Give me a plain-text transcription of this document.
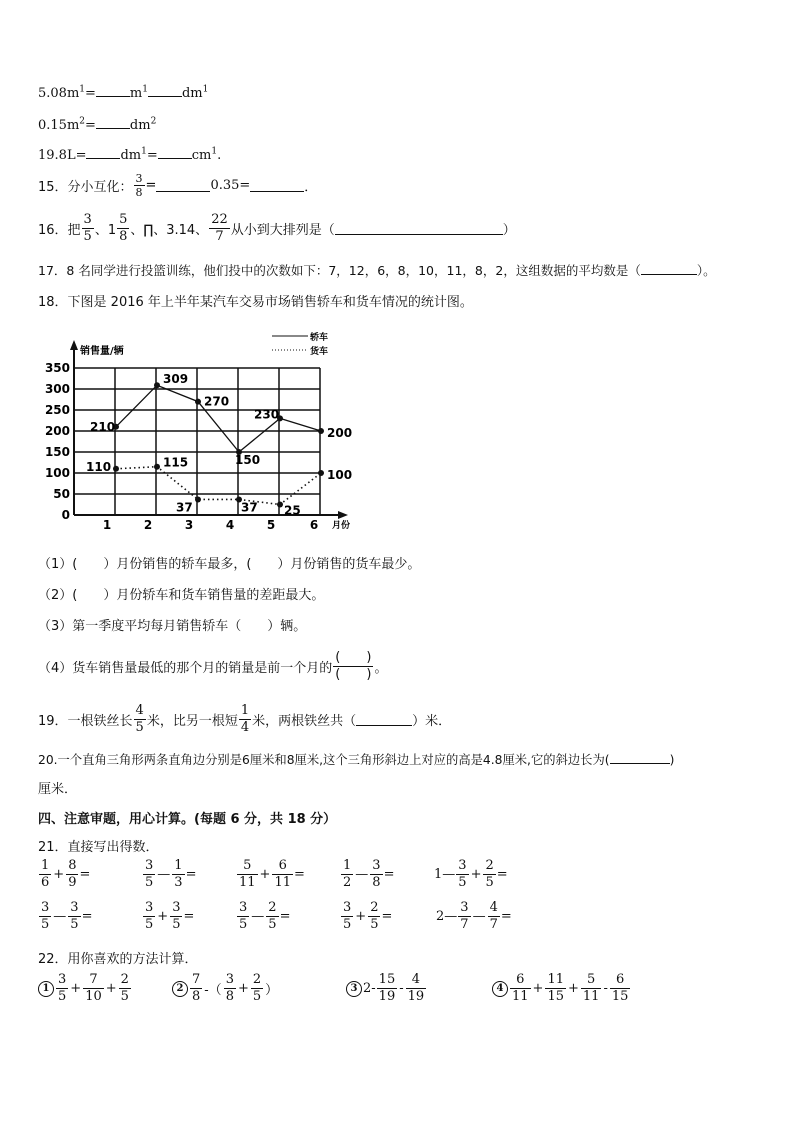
$5.08m^1=$	$m^1$	$dm^1$
$0.15m^2=$	$dm^2$
19.8L=	$dm^1=$	$cm^1$.
15．分小互化： $\frac{3}{8}$ =	0.35=	．
16．把 $\frac{3}{5}$ 、$1 \frac{5}{8}$ 、∏、3.14、 $\frac{22}{7}$ 从小到大排列是（	）
17．8 名同学进行投篮训练，他们投中的次数如下：7，12，6，8，10，11，8，2，这组数据的平均数是（	）。
18．下图是 2016 年上半年某汽车交易市场销售轿车和货车情况的统计图。
0
50
100
150
200
250
300
350
销售量/辆
月份
1	2	3	4	5	6
210
309
270
150
230
200
110	115
37	37 25
100
轿车
货车
（1）(　　）月份销售的轿车最多，(　　）月份销售的货车最少。
（2）(　　）月份轿车和货车销售量的差距最大。
（3）第一季度平均每月销售轿车（　　）辆。
（4）货车销售量最低的那个月的销量是前一个月的 $\frac{( )}{( )}$ 。
19．一根铁丝长 $\frac{4}{5}$ 米，比另一根短 $\frac{1}{4}$ 米，两根铁丝共（	）米．
20.一个直角三角形两条直角边分别是6厘米和8厘米,这个三角形斜边上对应的高是4.8厘米,它的斜边长为(	)
厘米．
四、注意审题，用心计算。(每题 6 分，共 18 分）
21．直接写出得数．
$\frac{1}{6} + \frac{8}{9}$ =	$\frac{3}{5}$ — $\frac{1}{3}$ =	$\frac{5}{11} + \frac{6}{11}$ =	$\frac{1}{2}$ — $\frac{3}{8}$ =	1— $\frac{3}{5} + \frac{2}{5}$ =
$\frac{3}{5}$ — $\frac{3}{5}$ =	$\frac{3}{5} + \frac{3}{5}$ =	$\frac{3}{5}$ — $\frac{2}{5}$ =	$\frac{3}{5} + \frac{2}{5}$ =	2— $\frac{3}{7}$ — $\frac{4}{7}$ =
22．用你喜欢的方法计算．
$1 \frac{3}{5} + \frac{7}{10} + \frac{2}{5}$	$2 \frac{7}{8}$ -（ $\frac{3}{8} + \frac{2}{5}$ ）	3 $2- \frac{15}{19} - \frac{4}{19}$	$4 \frac{6}{11} + \frac{11}{15} + \frac{5}{11} - \frac{6}{15}$
